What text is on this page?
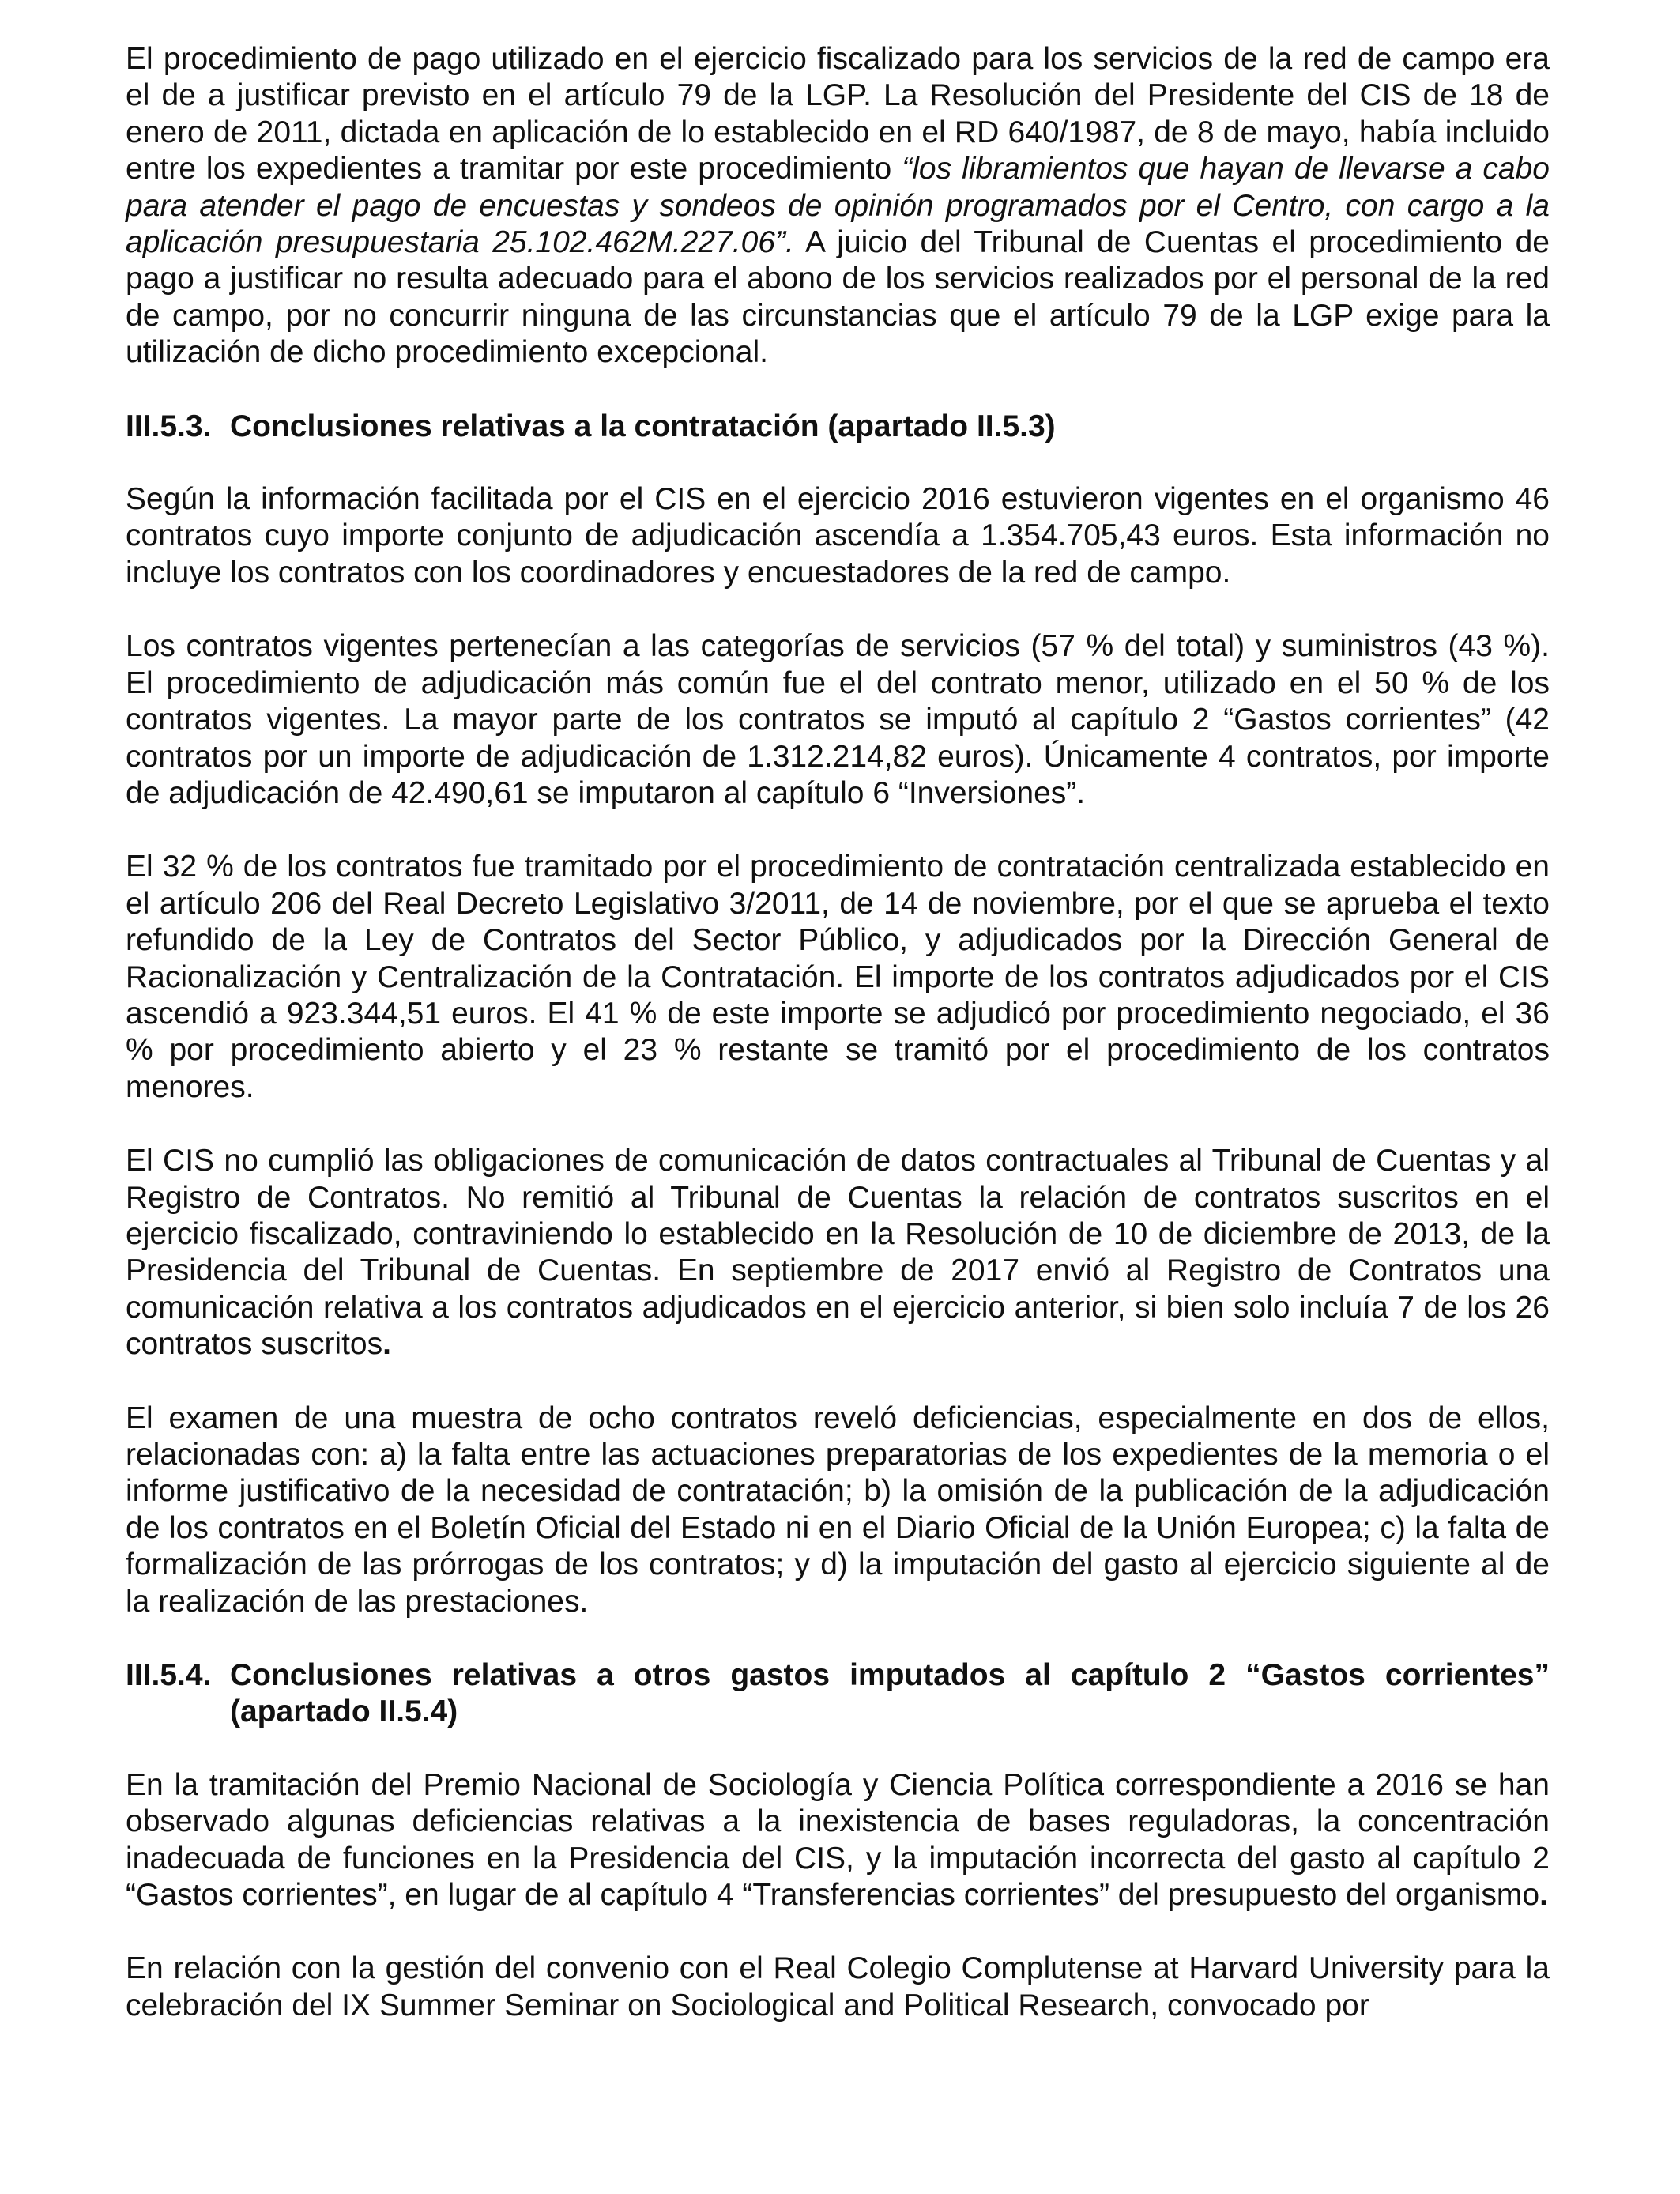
El procedimiento de pago utilizado en el ejercicio fiscalizado para los servicios de la red de campo era el de a justificar previsto en el artículo 79 de la LGP. La Resolución del Presidente del CIS de 18 de enero de 2011, dictada en aplicación de lo establecido en el RD 640/1987, de 8 de mayo, había incluido entre los expedientes a tramitar por este procedimiento “los libramientos que hayan de llevarse a cabo para atender el pago de encuestas y sondeos de opinión programados por el Centro, con cargo a la aplicación presupuestaria 25.102.462M.227.06”. A juicio del Tribunal de Cuentas el procedimiento de pago a justificar no resulta adecuado para el abono de los servicios realizados por el personal de la red de campo, por no concurrir ninguna de las circunstancias que el artículo 79 de la LGP exige para la utilización de dicho procedimiento excepcional.

III.5.3. Conclusiones relativas a la contratación (apartado II.5.3)

Según la información facilitada por el CIS en el ejercicio 2016 estuvieron vigentes en el organismo 46 contratos cuyo importe conjunto de adjudicación ascendía a 1.354.705,43 euros. Esta información no incluye los contratos con los coordinadores y encuestadores de la red de campo.

Los contratos vigentes pertenecían a las categorías de servicios (57 % del total) y suministros (43 %). El procedimiento de adjudicación más común fue el del contrato menor, utilizado en el 50 % de los contratos vigentes. La mayor parte de los contratos se imputó al capítulo 2 “Gastos corrientes” (42 contratos por un importe de adjudicación de 1.312.214,82 euros). Únicamente 4 contratos, por importe de adjudicación de 42.490,61 se imputaron al capítulo 6 “Inversiones”.

El 32 % de los contratos fue tramitado por el procedimiento de contratación centralizada establecido en el artículo 206 del Real Decreto Legislativo 3/2011, de 14 de noviembre, por el que se aprueba el texto refundido de la Ley de Contratos del Sector Público, y adjudicados por la Dirección General de Racionalización y Centralización de la Contratación. El importe de los contratos adjudicados por el CIS ascendió a 923.344,51 euros. El 41 % de este importe se adjudicó por procedimiento negociado, el 36 % por procedimiento abierto y el 23 % restante se tramitó por el procedimiento de los contratos menores.

El CIS no cumplió las obligaciones de comunicación de datos contractuales al Tribunal de Cuentas y al Registro de Contratos. No remitió al Tribunal de Cuentas la relación de contratos suscritos en el ejercicio fiscalizado, contraviniendo lo establecido en la Resolución de 10 de diciembre de 2013, de la Presidencia del Tribunal de Cuentas. En septiembre de 2017 envió al Registro de Contratos una comunicación relativa a los contratos adjudicados en el ejercicio anterior, si bien solo incluía 7 de los 26 contratos suscritos.

El examen de una muestra de ocho contratos reveló deficiencias, especialmente en dos de ellos, relacionadas con: a) la falta entre las actuaciones preparatorias de los expedientes de la memoria o el informe justificativo de la necesidad de contratación; b) la omisión de la publicación de la adjudicación de los contratos en el Boletín Oficial del Estado ni en el Diario Oficial de la Unión Europea; c) la falta de formalización de las prórrogas de los contratos; y d) la imputación del gasto al ejercicio siguiente al de la realización de las prestaciones.

III.5.4. Conclusiones relativas a otros gastos imputados al capítulo 2 “Gastos corrientes” (apartado II.5.4)

En la tramitación del Premio Nacional de Sociología y Ciencia Política correspondiente a 2016 se han observado algunas deficiencias relativas a la inexistencia de bases reguladoras, la concentración inadecuada de funciones en la Presidencia del CIS, y la imputación incorrecta del gasto al capítulo 2 “Gastos corrientes”, en lugar de al capítulo 4 “Transferencias corrientes” del presupuesto del organismo.

En relación con la gestión del convenio con el Real Colegio Complutense at Harvard University para la celebración del IX Summer Seminar on Sociological and Political Research, convocado por
